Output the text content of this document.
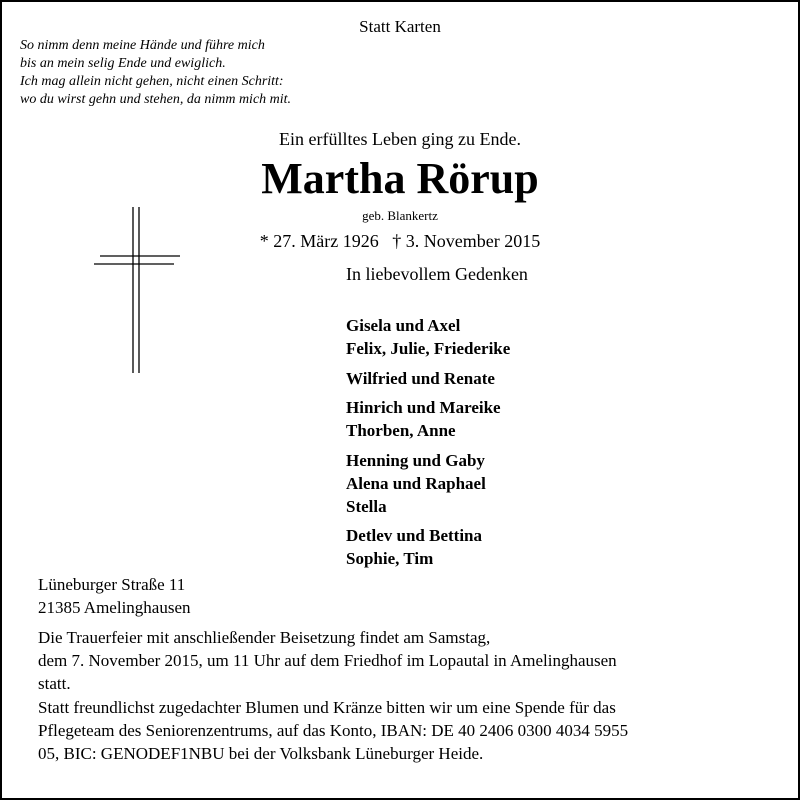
Statt Karten
So nimm denn meine Hände und führe mich
bis an mein selig Ende und ewiglich.
Ich mag allein nicht gehen, nicht einen Schritt:
wo du wirst gehn und stehen, da nimm mich mit.
Ein erfülltes Leben ging zu Ende.
Martha Rörup
geb. Blankertz
* 27. März 1926   † 3. November 2015
In liebevollem Gedenken
Gisela und Axel
Felix, Julie, Friederike
Wilfried und Renate
Hinrich und Mareike
Thorben, Anne
Henning und Gaby
Alena und Raphael
Stella
Detlev und Bettina
Sophie, Tim
Lüneburger Straße 11
21385 Amelinghausen
Die Trauerfeier mit anschließender Beisetzung findet am Samstag,
dem 7. November 2015, um 11 Uhr auf dem Friedhof im Lopautal in Amelinghausen
statt.
Statt freundlichst zugedachter Blumen und Kränze bitten wir um eine Spende für das
Pflegeteam des Seniorenzentrums, auf das Konto, IBAN: DE 40 2406 0300 4034 5955
05, BIC: GENODEF1NBU bei der Volksbank Lüneburger Heide.
